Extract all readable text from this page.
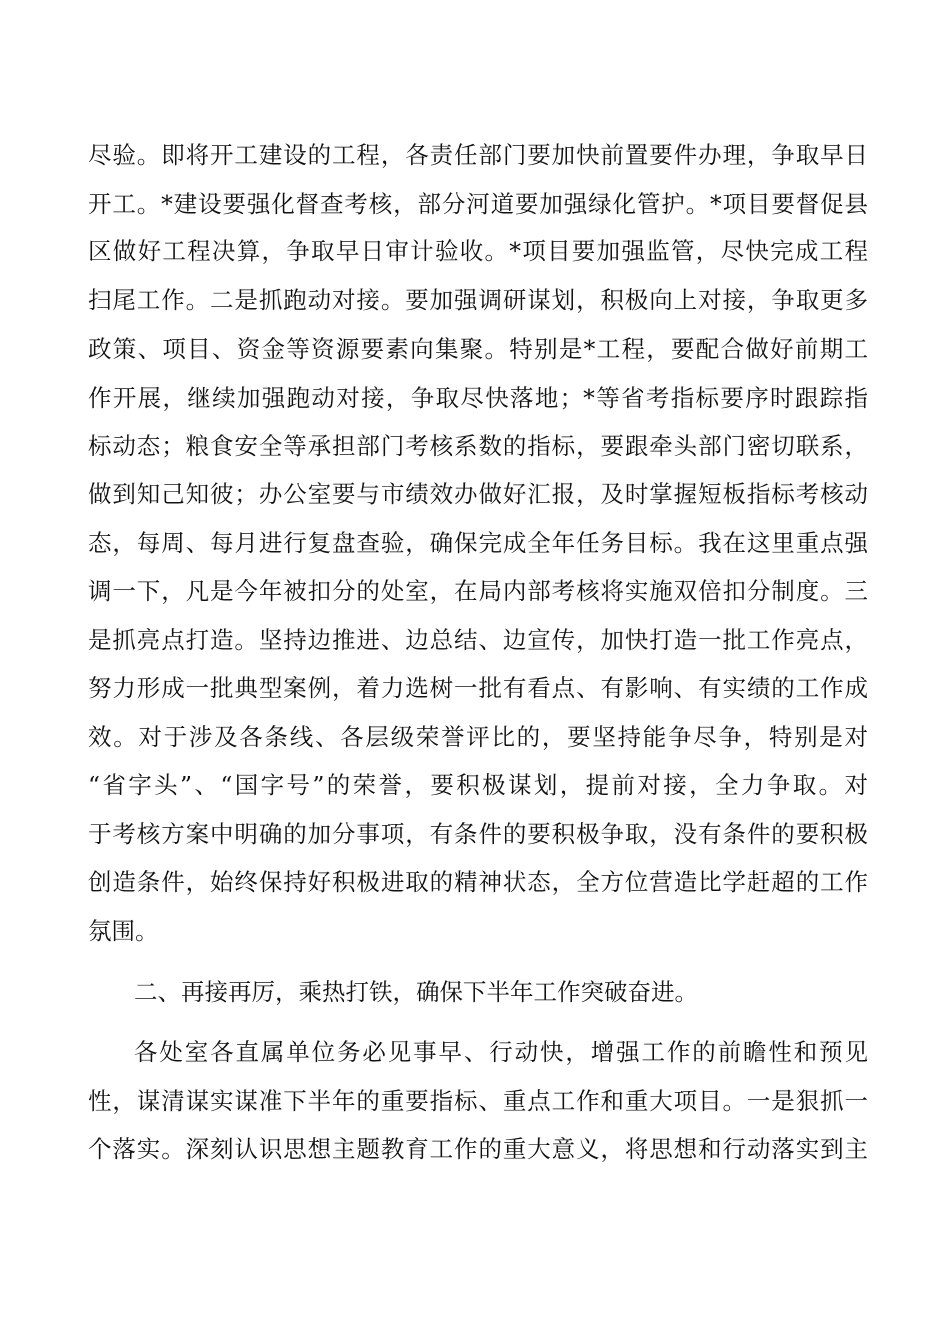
尽验。即将开工建设的工程，各责任部门要加快前置要件办理，争取早日
开工。*建设要强化督查考核，部分河道要加强绿化管护。*项目要督促县
区做好工程决算，争取早日审计验收。*项目要加强监管，尽快完成工程
扫尾工作。二是抓跑动对接。要加强调研谋划，积极向上对接，争取更多
政策、项目、资金等资源要素向集聚。特别是*工程，要配合做好前期工
作开展，继续加强跑动对接，争取尽快落地；*等省考指标要序时跟踪指
标动态；粮食安全等承担部门考核系数的指标，要跟牵头部门密切联系，
做到知己知彼；办公室要与市绩效办做好汇报，及时掌握短板指标考核动
态，每周、每月进行复盘查验，确保完成全年任务目标。我在这里重点强
调一下，凡是今年被扣分的处室，在局内部考核将实施双倍扣分制度。三
是抓亮点打造。坚持边推进、边总结、边宣传，加快打造一批工作亮点，
努力形成一批典型案例，着力选树一批有看点、有影响、有实绩的工作成
效。对于涉及各条线、各层级荣誉评比的，要坚持能争尽争，特别是对
“省字头”、“国字号”的荣誉，要积极谋划，提前对接，全力争取。对
于考核方案中明确的加分事项，有条件的要积极争取，没有条件的要积极
创造条件，始终保持好积极进取的精神状态，全方位营造比学赶超的工作
氛围。
二、再接再厉，乘热打铁，确保下半年工作突破奋进。
各处室各直属单位务必见事早、行动快，增强工作的前瞻性和预见
性，谋清谋实谋准下半年的重要指标、重点工作和重大项目。一是狠抓一
个落实。深刻认识思想主题教育工作的重大意义，将思想和行动落实到主
